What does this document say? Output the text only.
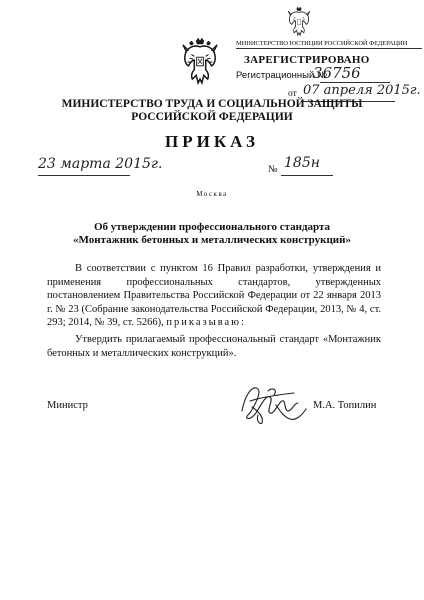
МИНИСТЕРСТВО ЮСТИЦИИ РОССИЙСКОЙ ФЕДЕРАЦИИ
ЗАРЕГИСТРИРОВАНО
Регистрационный №
36756
от 07 апреля 2015г.
МИНИСТЕРСТВО ТРУДА И СОЦИАЛЬНОЙ ЗАЩИТЫ
РОССИЙСКОЙ ФЕДЕРАЦИИ
ПРИКАЗ
23 марта 2015г.	№ 185н
Москва
Об утверждении профессионального стандарта
«Монтажник бетонных и металлических конструкций»
В соответствии с пунктом 16 Правил разработки, утверждения и применения профессиональных стандартов, утвержденных постановлением Правительства Российской Федерации от 22 января 2013 г. № 23 (Собрание законодательства Российской Федерации, 2013, № 4, ст. 293; 2014, № 39, ст. 5266), приказываю:
Утвердить прилагаемый профессиональный стандарт «Монтажник бетонных и металлических конструкций».
Министр	М.А. Топилин
